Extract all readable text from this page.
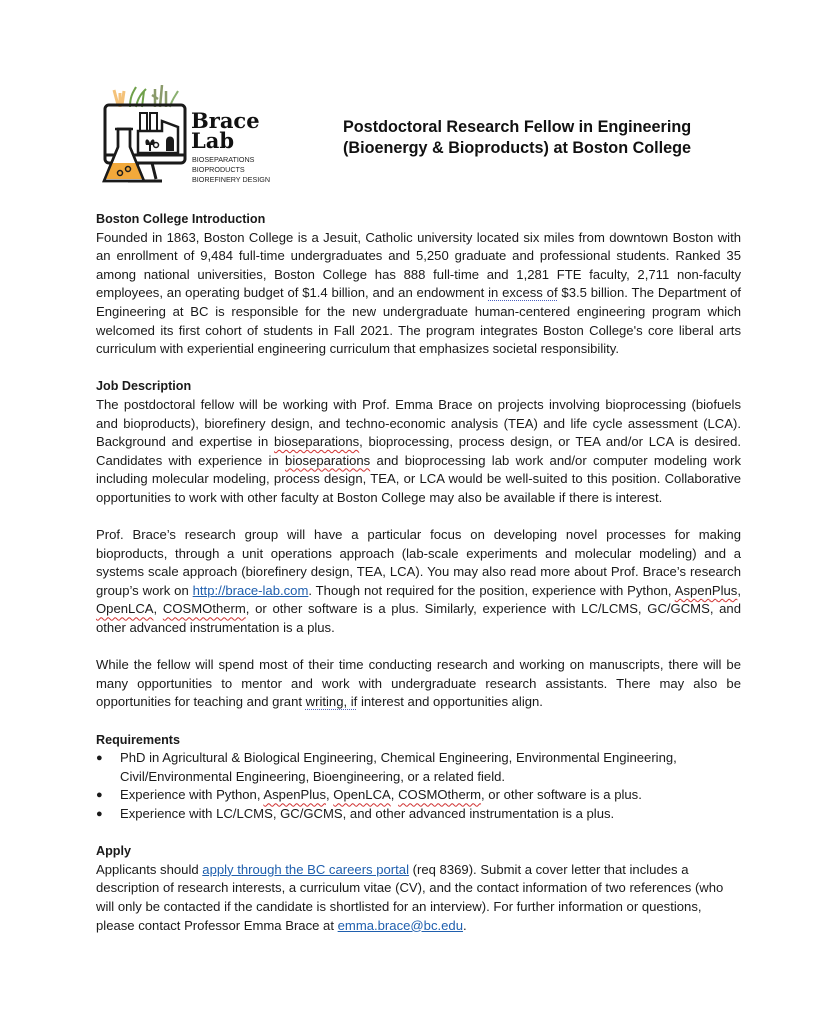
Brace
Lab
BIOSEPARATIONS
BIOPRODUCTS
BIOREFINERY DESIGN
Postdoctoral Research Fellow in Engineering
(Bioenergy & Bioproducts) at Boston College
Boston College Introduction

Founded in 1863, Boston College is a Jesuit, Catholic university located six miles from downtown Boston with an enrollment of 9,484 full-time undergraduates and 5,250 graduate and professional students. Ranked 35 among national universities, Boston College has 888 full-time and 1,281 FTE faculty, 2,711 non-faculty employees, an operating budget of $1.4 billion, and an endowment in excess of $3.5 billion. The Department of Engineering at BC is responsible for the new undergraduate human-centered engineering program which welcomed its first cohort of students in Fall 2021. The program integrates Boston College's core liberal arts curriculum with experiential engineering curriculum that emphasizes societal responsibility.

Job Description

The postdoctoral fellow will be working with Prof. Emma Brace on projects involving bioprocessing (biofuels and bioproducts), biorefinery design, and techno-economic analysis (TEA) and life cycle assessment (LCA). Background and expertise in bioseparations, bioprocessing, process design, or TEA and/or LCA is desired. Candidates with experience in bioseparations and bioprocessing lab work and/or computer modeling work including molecular modeling, process design, TEA, or LCA would be well-suited to this position. Collaborative opportunities to work with other faculty at Boston College may also be available if there is interest.

Prof. Brace’s research group will have a particular focus on developing novel processes for making bioproducts, through a unit operations approach (lab-scale experiments and molecular modeling) and a systems scale approach (biorefinery design, TEA, LCA). You may also read more about Prof. Brace’s research group’s work on http://brace-lab.com. Though not required for the position, experience with Python, AspenPlus, OpenLCA, COSMOtherm, or other software is a plus. Similarly, experience with LC/LCMS, GC/GCMS, and other advanced instrumentation is a plus.

While the fellow will spend most of their time conducting research and working on manuscripts, there will be many opportunities to mentor and work with undergraduate research assistants. There may also be opportunities for teaching and grant writing, if interest and opportunities align.

Requirements
● PhD in Agricultural & Biological Engineering, Chemical Engineering, Environmental Engineering, Civil/Environmental Engineering, Bioengineering, or a related field.
● Experience with Python, AspenPlus, OpenLCA, COSMOtherm, or other software is a plus.
● Experience with LC/LCMS, GC/GCMS, and other advanced instrumentation is a plus.
Apply

Applicants should apply through the BC careers portal (req 8369). Submit a cover letter that includes a description of research interests, a curriculum vitae (CV), and the contact information of two references (who will only be contacted if the candidate is shortlisted for an interview). For further information or questions, please contact Professor Emma Brace at emma.brace@bc.edu.
